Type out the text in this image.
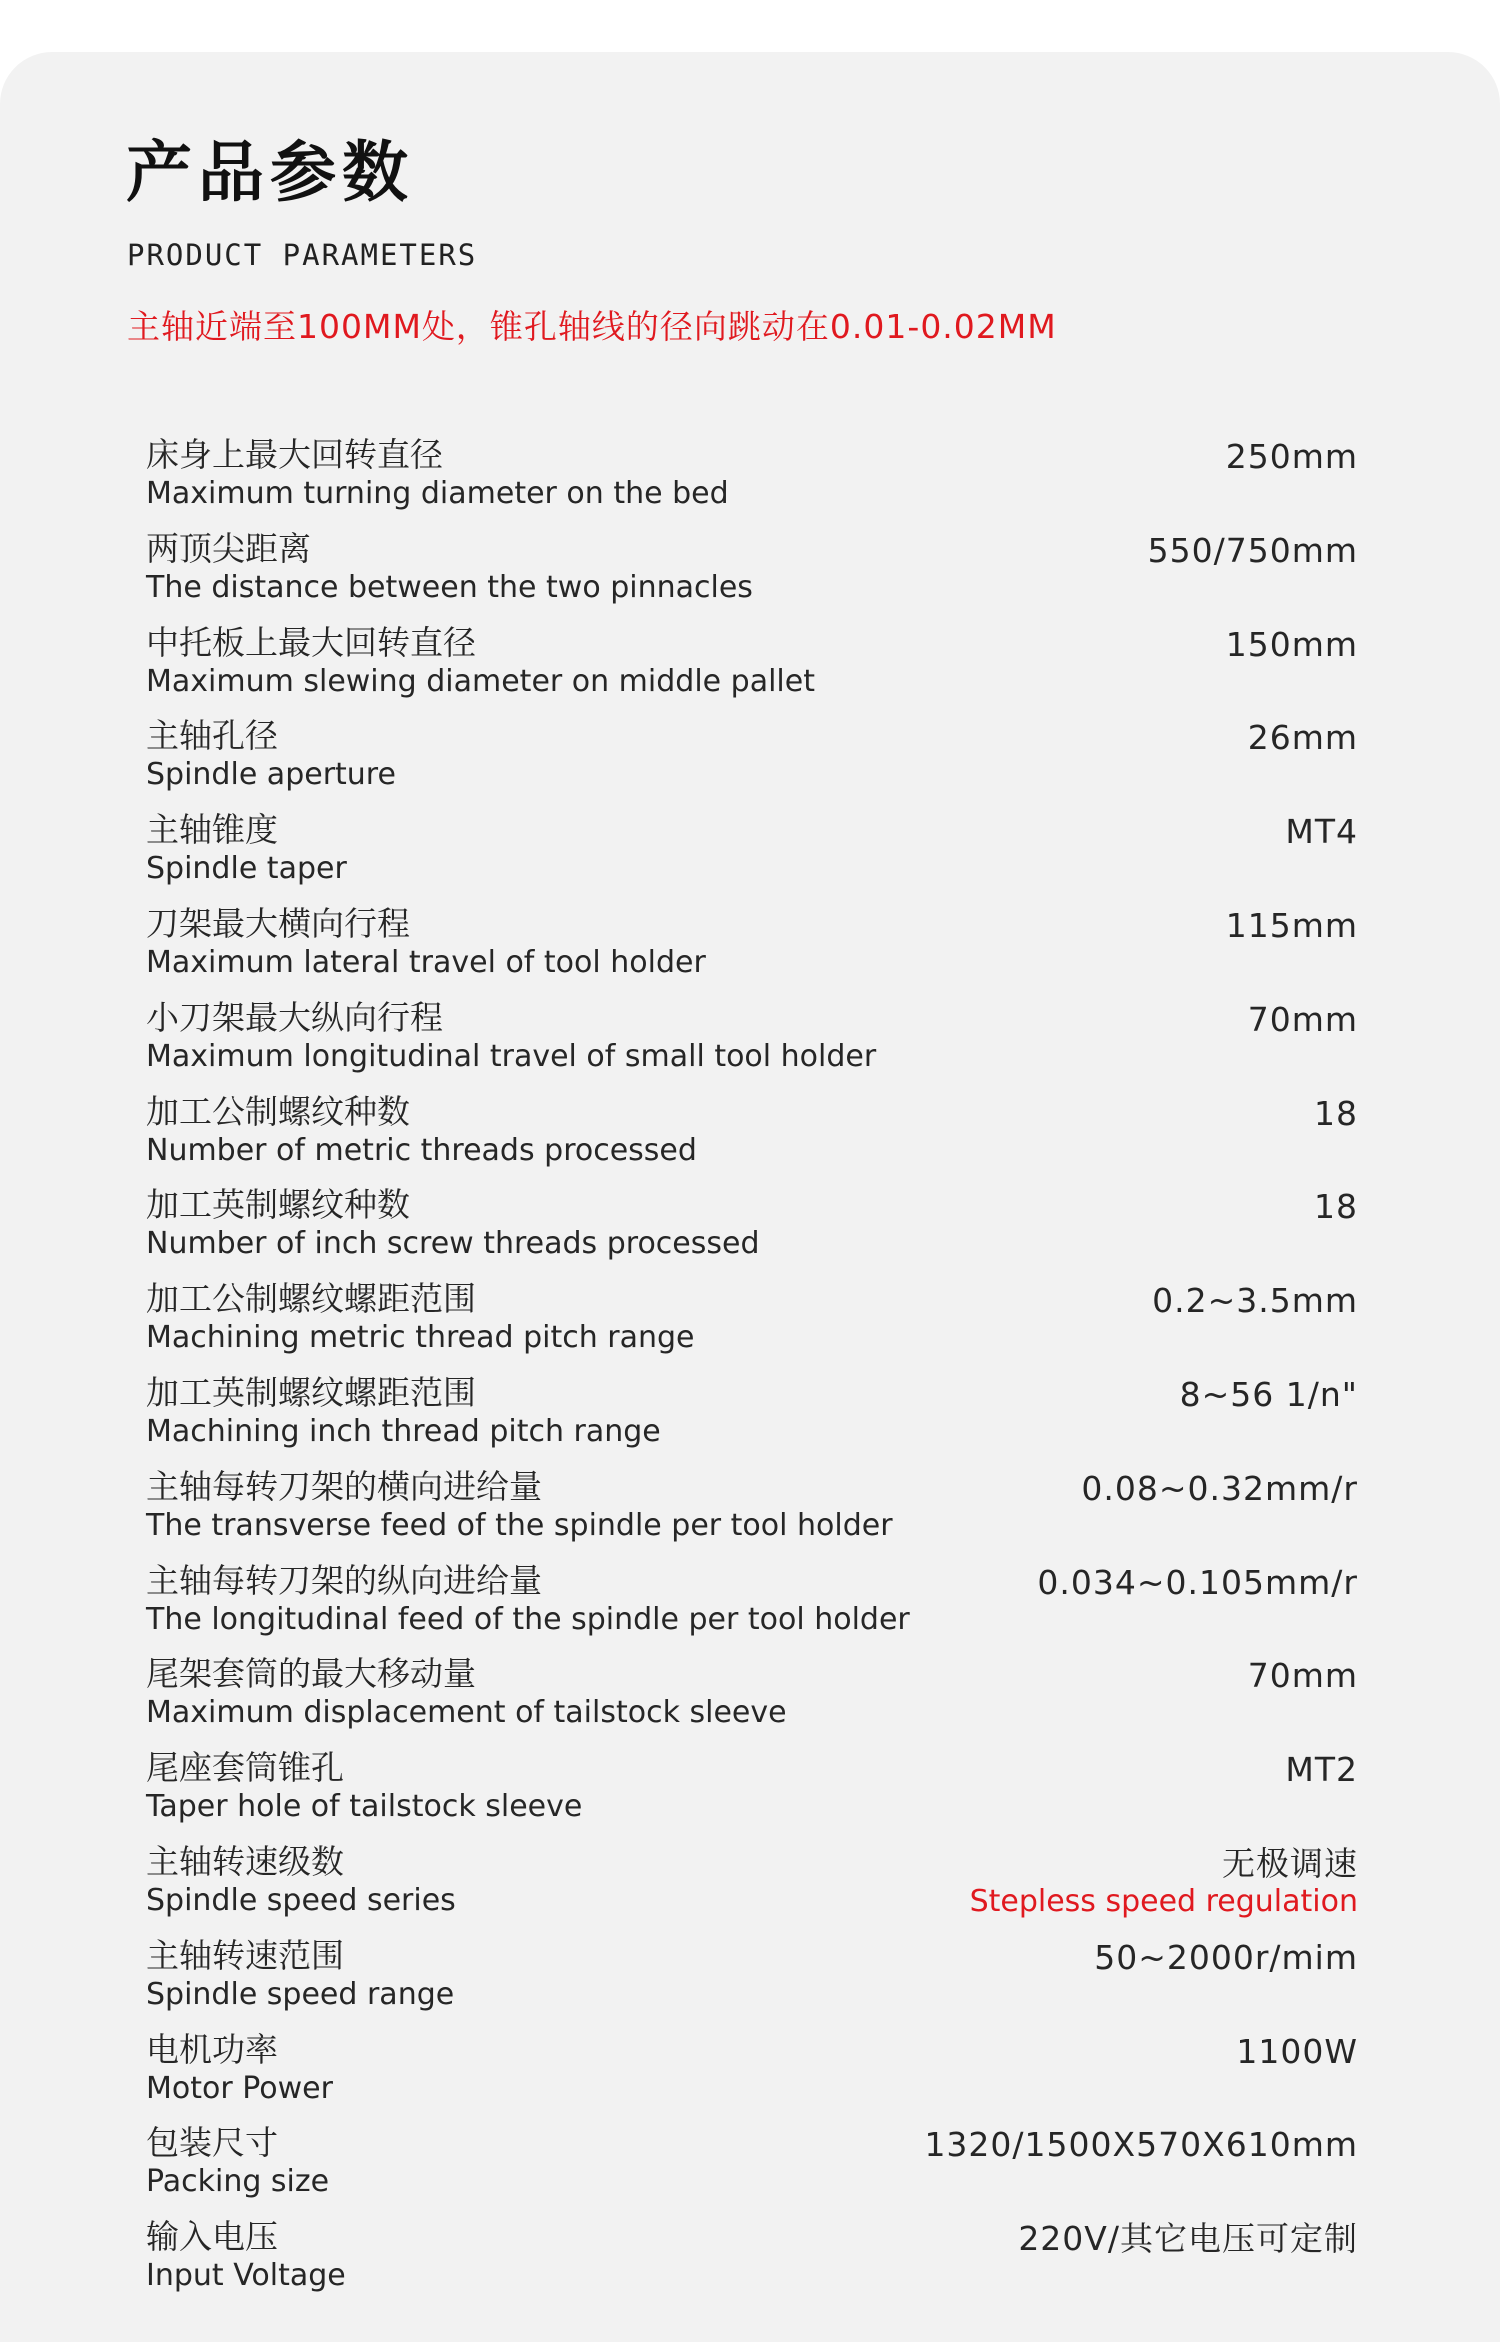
产品参数
PRODUCT PARAMETERS
主轴近端至100MM处，锥孔轴线的径向跳动在0.01-0.02MM
床身上最大回转直径
Maximum turning diameter on the bed
250mm
两顶尖距离
The distance between the two pinnacles
550/750mm
中托板上最大回转直径
Maximum slewing diameter on middle pallet
150mm
主轴孔径
Spindle aperture
26mm
主轴锥度
Spindle taper
MT4
刀架最大横向行程
Maximum lateral travel of tool holder
115mm
小刀架最大纵向行程
Maximum longitudinal travel of small tool holder
70mm
加工公制螺纹种数
Number of metric threads processed
18
加工英制螺纹种数
Number of inch screw threads processed
18
加工公制螺纹螺距范围
Machining metric thread pitch range
0.2~3.5mm
加工英制螺纹螺距范围
Machining inch thread pitch range
8~56 1/n"
主轴每转刀架的横向进给量
The transverse feed of the spindle per tool holder
0.08~0.32mm/r
主轴每转刀架的纵向进给量
The longitudinal feed of the spindle per tool holder
0.034~0.105mm/r
尾架套筒的最大移动量
Maximum displacement of tailstock sleeve
70mm
尾座套筒锥孔
Taper hole of tailstock sleeve
MT2
主轴转速级数
Spindle speed series
无极调速
Stepless speed regulation
主轴转速范围
Spindle speed range
50~2000r/mim
电机功率
Motor Power
1100W
包装尺寸
Packing size
1320/1500X570X610mm
输入电压
Input Voltage
220V/其它电压可定制
